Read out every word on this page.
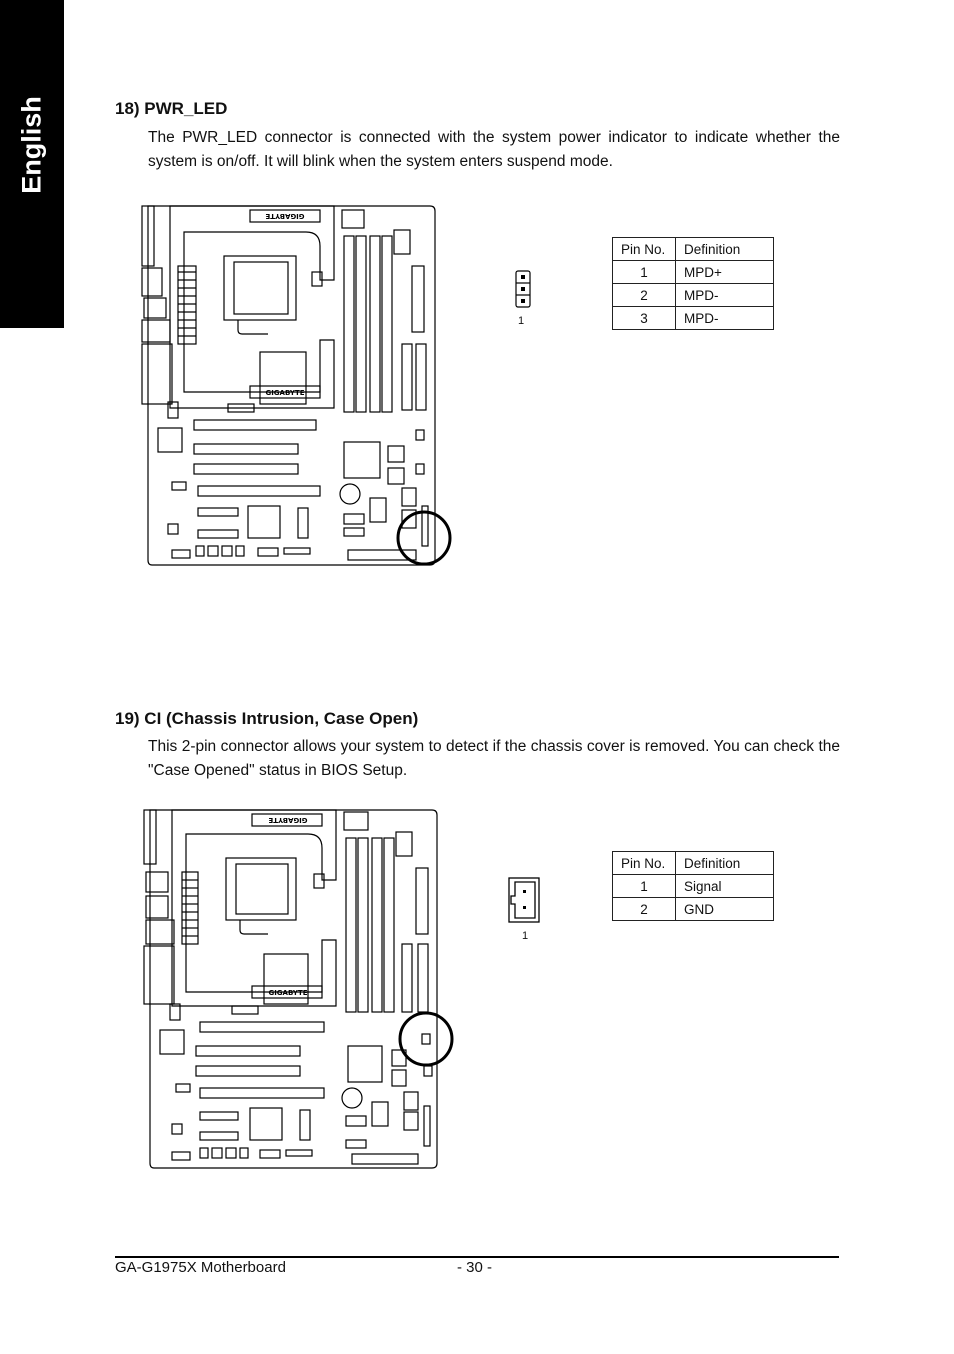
English	18) PWR_LED
The PWR_LED connector is connected with the system power indicator to indicate whether the system is on/off. It will blink when the system enters suspend mode.
GIGABYTE
GIGABYTE
1
Pin No.	Definition
1	MPD+
2	MPD-
3	MPD-
19) CI (Chassis Intrusion, Case Open)
This 2-pin connector allows your system to detect if the chassis cover is removed. You can check the "Case Opened" status in BIOS Setup.
GIGABYTE
GIGABYTE
1
Pin No.	Definition
1	Signal
2	GND
GA-G1975X Motherboard	- 30 -
